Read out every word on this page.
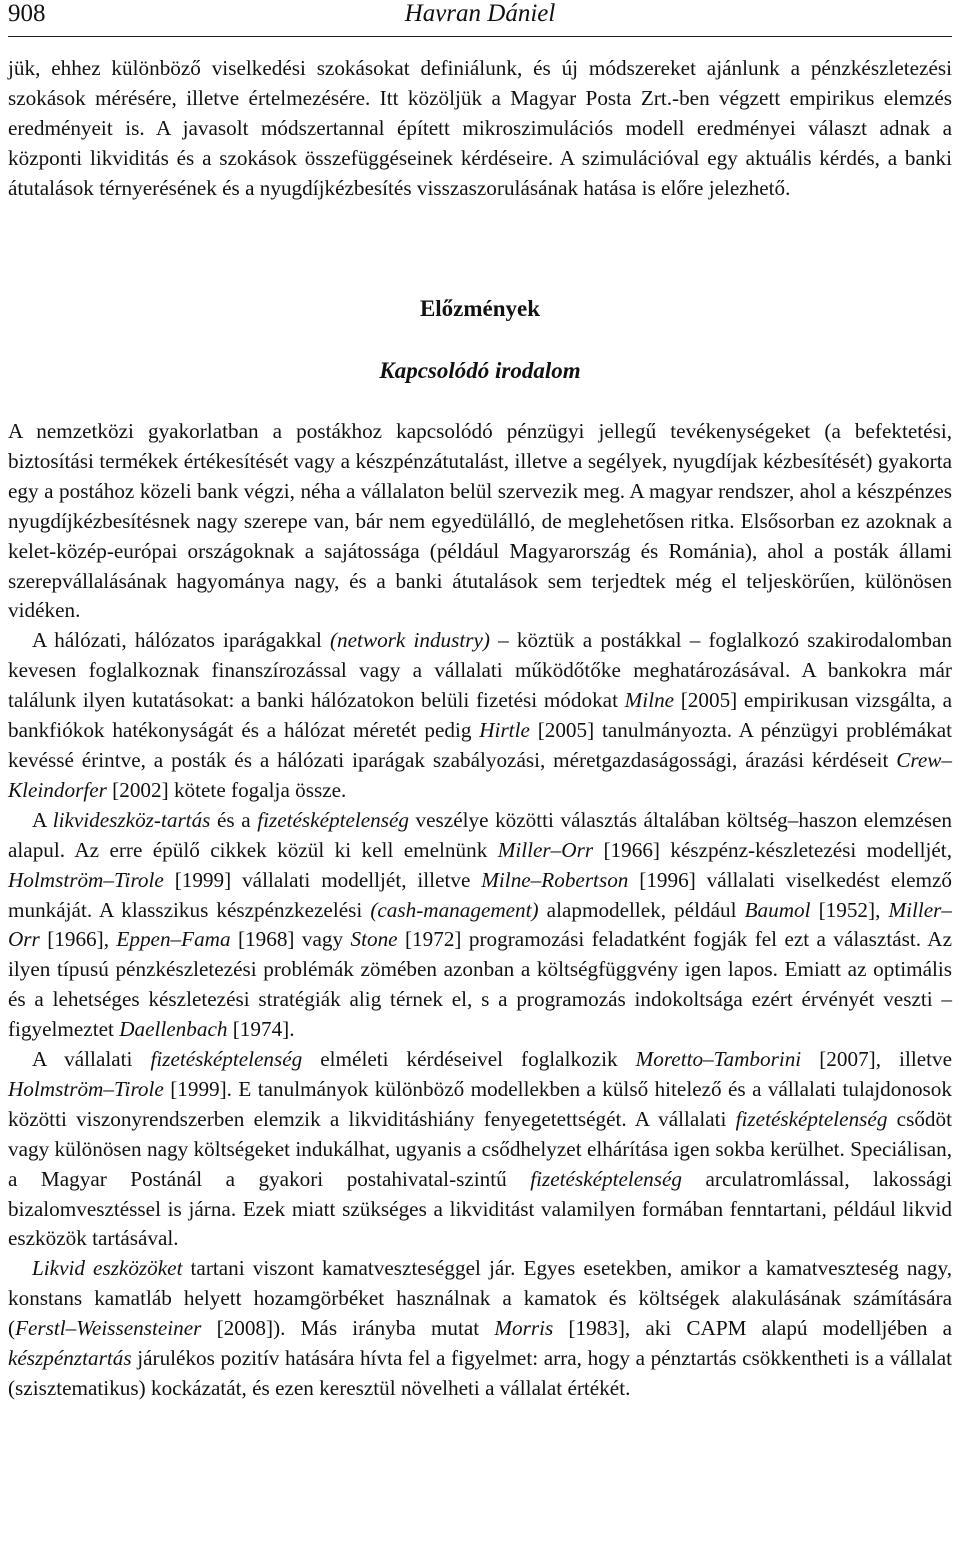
908	Havran Dániel

jük, ehhez különböző viselkedési szokásokat definiálunk, és új módszereket ajánlunk a pénzkészletezési szokások mérésére, illetve értelmezésére. Itt közöljük a Magyar Posta Zrt.-ben végzett empirikus elemzés eredményeit is. A javasolt módszertannal épített mikroszimulációs modell eredményei választ adnak a központi likviditás és a szokások összefüggéseinek kérdéseire. A szimulációval egy aktuális kérdés, a banki átutalások térnyerésének és a nyugdíjkézbesítés visszaszorulásának hatása is előre jelezhető.

Előzmények
Kapcsolódó irodalom

A nemzetközi gyakorlatban a postákhoz kapcsolódó pénzügyi jellegű tevékenységeket (a befektetési, biztosítási termékek értékesítését vagy a készpénzátutalást, illetve a segélyek, nyugdíjak kézbesítését) gyakorta egy a postához közeli bank végzi, néha a vállalaton belül szervezik meg. A magyar rendszer, ahol a készpénzes nyugdíjkézbesítésnek nagy szerepe van, bár nem egyedülálló, de meglehetősen ritka. Elsősorban ez azoknak a kelet-közép-európai országoknak a sajátossága (például Magyarország és Románia), ahol a posták állami szerepvállalásának hagyománya nagy, és a banki átutalások sem terjedtek még el teljeskörűen, különösen vidéken.

A hálózati, hálózatos iparágakkal (network industry) – köztük a postákkal – foglalkozó szakirodalomban kevesen foglalkoznak finanszírozással vagy a vállalati működőtőke meghatározásával. A bankokra már találunk ilyen kutatásokat: a banki hálózatokon belüli fizetési módokat Milne [2005] empirikusan vizsgálta, a bankfiókok hatékonyságát és a hálózat méretét pedig Hirtle [2005] tanulmányozta. A pénzügyi problémákat kevéssé érintve, a posták és a hálózati iparágak szabályozási, méretgazdaságossági, árazási kérdéseit Crew–Kleindorfer [2002] kötete fogalja össze.

A likvideszköz-tartás és a fizetésképtelenség veszélye közötti választás általában költség–haszon elemzésen alapul. Az erre épülő cikkek közül ki kell emelnünk Miller–Orr [1966] készpénz-készletezési modelljét, Holmström–Tirole [1999] vállalati modelljét, illetve Milne–Robertson [1996] vállalati viselkedést elemző munkáját. A klasszikus készpénzkezelési (cash-management) alapmodellek, például Baumol [1952], Miller–Orr [1966], Eppen–Fama [1968] vagy Stone [1972] programozási feladatként fogják fel ezt a választást. Az ilyen típusú pénzkészletezési problémák zömében azonban a költségfüggvény igen lapos. Emiatt az optimális és a lehetséges készletezési stratégiák alig térnek el, s a programozás indokoltsága ezért érvényét veszti – figyelmeztet Daellenbach [1974].

A vállalati fizetésképtelenség elméleti kérdéseivel foglalkozik Moretto–Tamborini [2007], illetve Holmström–Tirole [1999]. E tanulmányok különböző modellekben a külső hitelező és a vállalati tulajdonosok közötti viszonyrendszerben elemzik a likviditáshiány fenyegetettségét. A vállalati fizetésképtelenség csődöt vagy különösen nagy költségeket indukálhat, ugyanis a csődhelyzet elhárítása igen sokba kerülhet. Speciálisan, a Magyar Postánál a gyakori postahivatal-szintű fizetésképtelenség arculatromlással, lakossági bizalomvesztéssel is járna. Ezek miatt szükséges a likviditást valamilyen formában fenntartani, például likvid eszközök tartásával.

Likvid eszközöket tartani viszont kamatveszteséggel jár. Egyes esetekben, amikor a kamatveszteség nagy, konstans kamatláb helyett hozamgörbéket használnak a kamatok és költségek alakulásának számítására (Ferstl–Weissensteiner [2008]). Más irányba mutat Morris [1983], aki CAPM alapú modelljében a készpénztartás járulékos pozitív hatására hívta fel a figyelmet: arra, hogy a pénztartás csökkentheti is a vállalat (szisztematikus) kockázatát, és ezen keresztül növelheti a vállalat értékét.
